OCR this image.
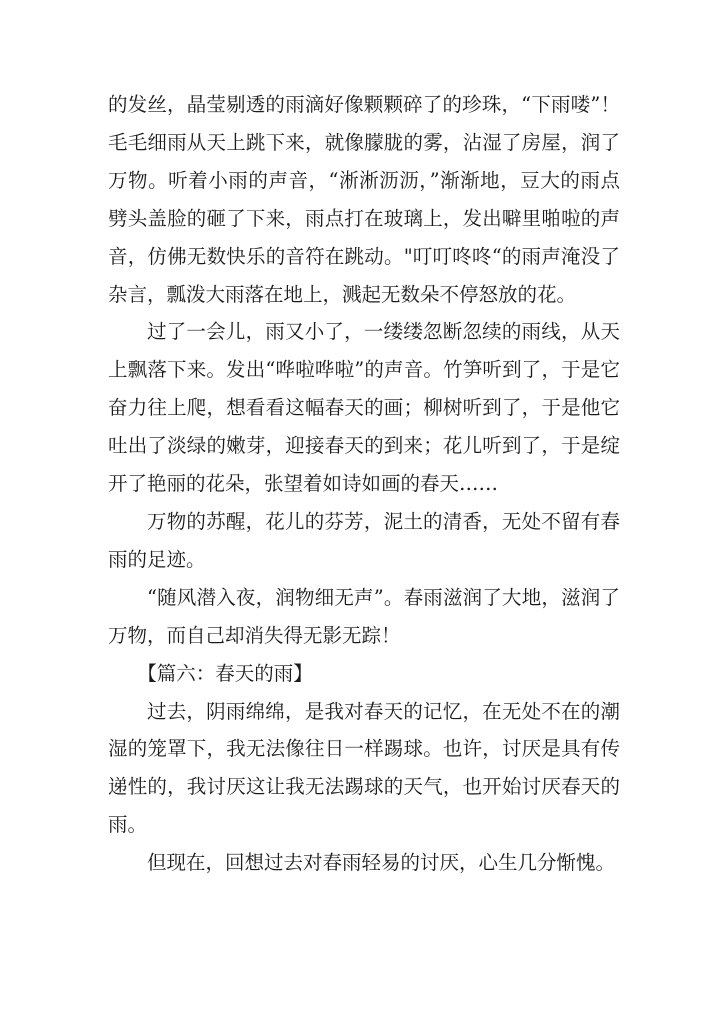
的发丝，晶莹剔透的雨滴好像颗颗碎了的珍珠，“下雨喽”！毛毛细雨从天上跳下来，就像朦胧的雾，沾湿了房屋，润了万物。听着小雨的声音，“淅淅沥沥，”渐渐地，豆大的雨点劈头盖脸的砸了下来，雨点打在玻璃上，发出噼里啪啦的声音，仿佛无数快乐的音符在跳动。"叮叮咚咚“的雨声淹没了杂言，瓢泼大雨落在地上，溅起无数朵不停怒放的花。

过了一会儿，雨又小了，一缕缕忽断忽续的雨线，从天上飘落下来。发出“哗啦哗啦”的声音。竹笋听到了，于是它奋力往上爬，想看看这幅春天的画；柳树听到了，于是他它吐出了淡绿的嫩芽，迎接春天的到来；花儿听到了，于是绽开了艳丽的花朵，张望着如诗如画的春天……

万物的苏醒，花儿的芬芳，泥土的清香，无处不留有春雨的足迹。

“随风潜入夜，润物细无声”。春雨滋润了大地，滋润了万物，而自己却消失得无影无踪！

【篇六：春天的雨】

过去，阴雨绵绵，是我对春天的记忆，在无处不在的潮湿的笼罩下，我无法像往日一样踢球。也许，讨厌是具有传递性的，我讨厌这让我无法踢球的天气，也开始讨厌春天的雨。

但现在，回想过去对春雨轻易的讨厌，心生几分惭愧。
